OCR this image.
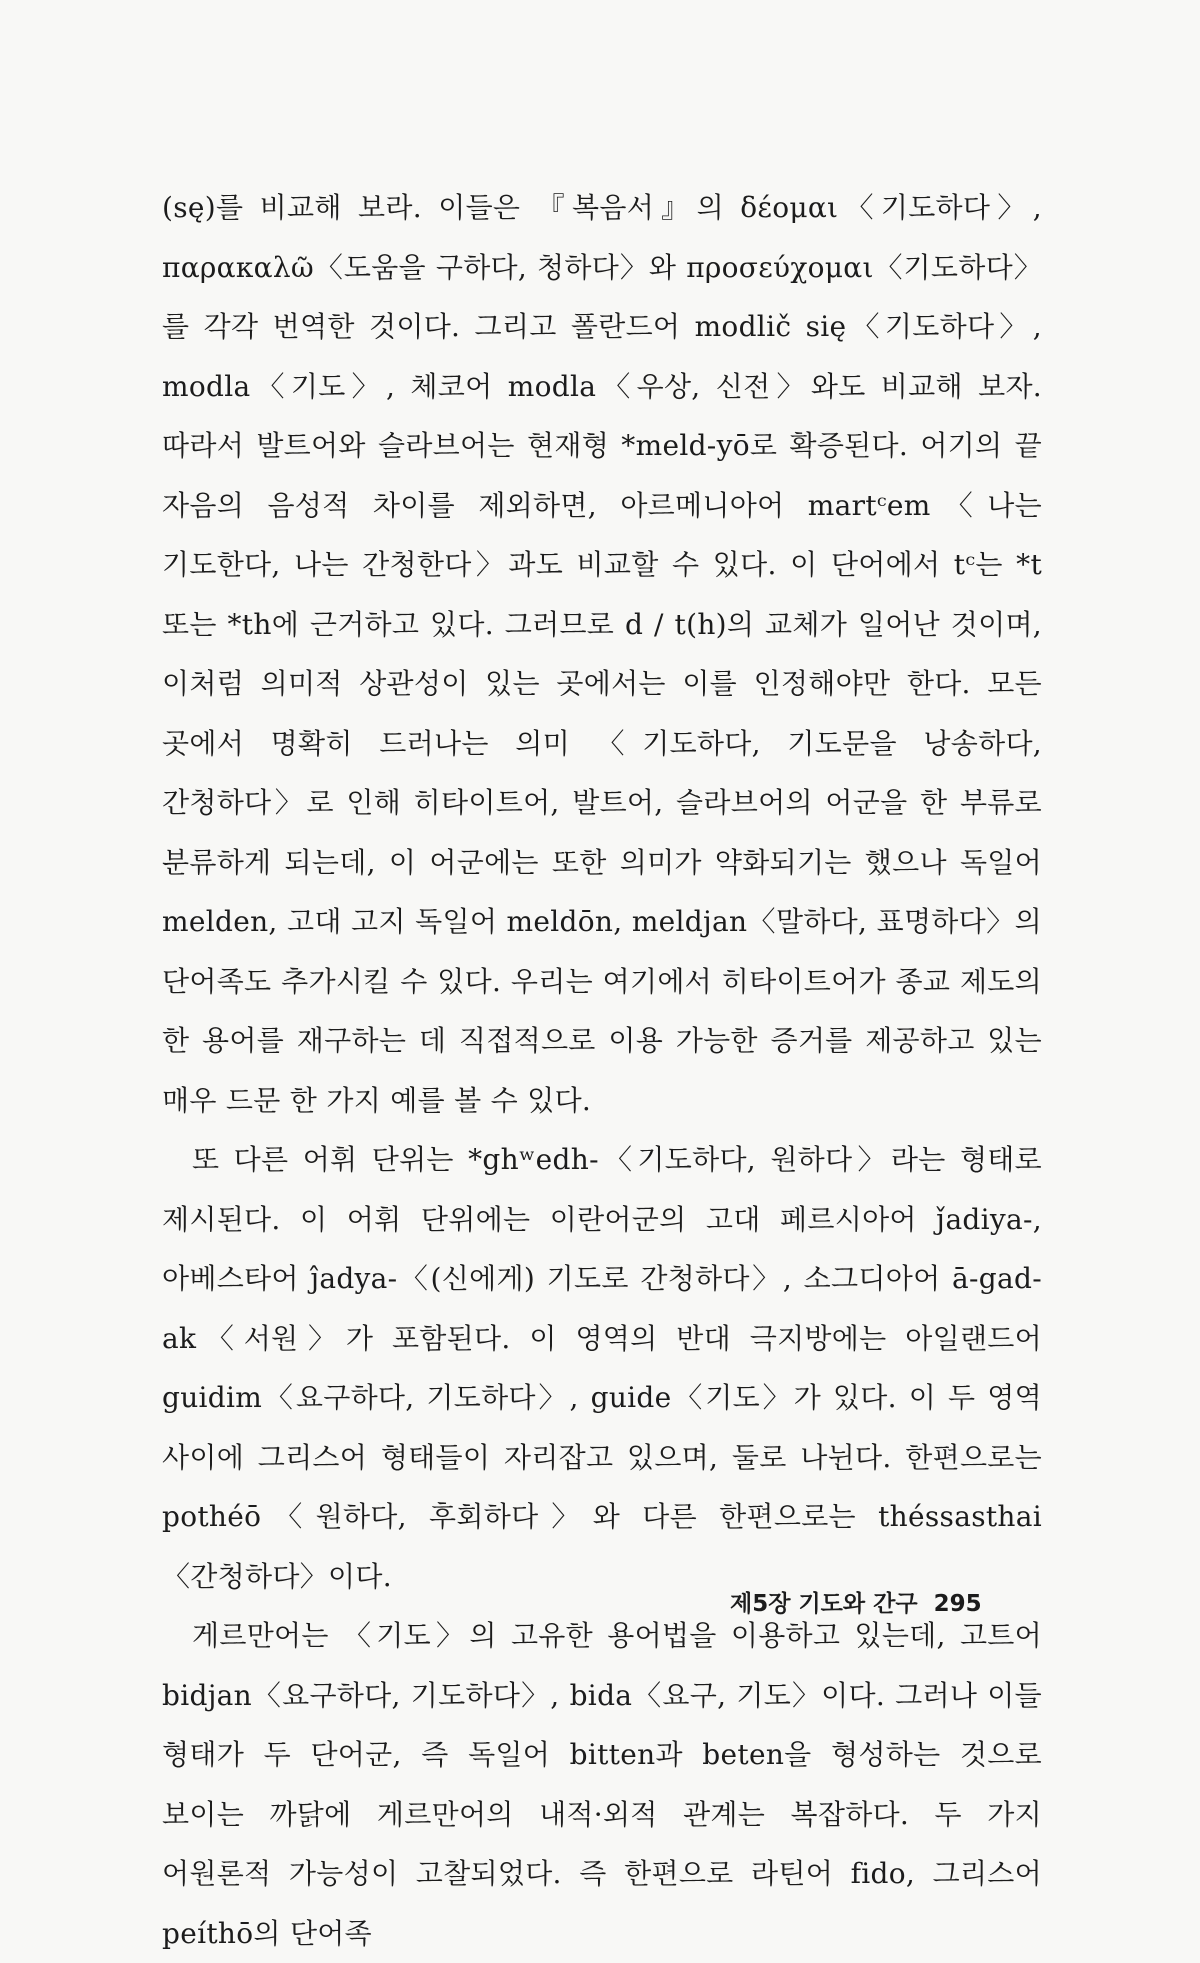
(sę)를 비교해 보라. 이들은 『복음서』의 δέομαι〈기도하다〉, παρακαλῶ〈도움을 구하다, 청하다〉와 προσεύχομαι〈기도하다〉를 각각 번역한 것이다. 그리고 폴란드어 modlič się〈기도하다〉, modla〈기도〉, 체코어 modla〈우상, 신전〉와도 비교해 보자. 따라서 발트어와 슬라브어는 현재형 *meld-yō로 확증된다. 어기의 끝 자음의 음성적 차이를 제외하면, 아르메니아어 martᶜem〈나는 기도한다, 나는 간청한다〉과도 비교할 수 있다. 이 단어에서 tᶜ는 *t 또는 *th에 근거하고 있다. 그러므로 d / t(h)의 교체가 일어난 것이며, 이처럼 의미적 상관성이 있는 곳에서는 이를 인정해야만 한다. 모든 곳에서 명확히 드러나는 의미 〈기도하다, 기도문을 낭송하다, 간청하다〉로 인해 히타이트어, 발트어, 슬라브어의 어군을 한 부류로 분류하게 되는데, 이 어군에는 또한 의미가 약화되기는 했으나 독일어 melden, 고대 고지 독일어 meldōn, meldjan〈말하다, 표명하다〉의 단어족도 추가시킬 수 있다. 우리는 여기에서 히타이트어가 종교 제도의 한 용어를 재구하는 데 직접적으로 이용 가능한 증거를 제공하고 있는 매우 드문 한 가지 예를 볼 수 있다.

또 다른 어휘 단위는 *ghʷedh-〈기도하다, 원하다〉라는 형태로 제시된다. 이 어휘 단위에는 이란어군의 고대 페르시아어 ǰadiya-, 아베스타어 ĵadya-〈(신에게) 기도로 간청하다〉, 소그디아어 ā-gad-ak〈서원〉가 포함된다. 이 영역의 반대 극지방에는 아일랜드어 guidim〈요구하다, 기도하다〉, guide〈기도〉가 있다. 이 두 영역 사이에 그리스어 형태들이 자리잡고 있으며, 둘로 나뉜다. 한편으로는 pothéō〈원하다, 후회하다〉와 다른 한편으로는 théssasthai〈간청하다〉이다.

게르만어는 〈기도〉의 고유한 용어법을 이용하고 있는데, 고트어 bidjan〈요구하다, 기도하다〉, bida〈요구, 기도〉이다. 그러나 이들 형태가 두 단어군, 즉 독일어 bitten과 beten을 형성하는 것으로 보이는 까닭에 게르만어의 내적·외적 관계는 복잡하다. 두 가지 어원론적 가능성이 고찰되었다. 즉 한편으로 라틴어 fido, 그리스어 peíthō의 단어족

제5장 기도와 간구 295
